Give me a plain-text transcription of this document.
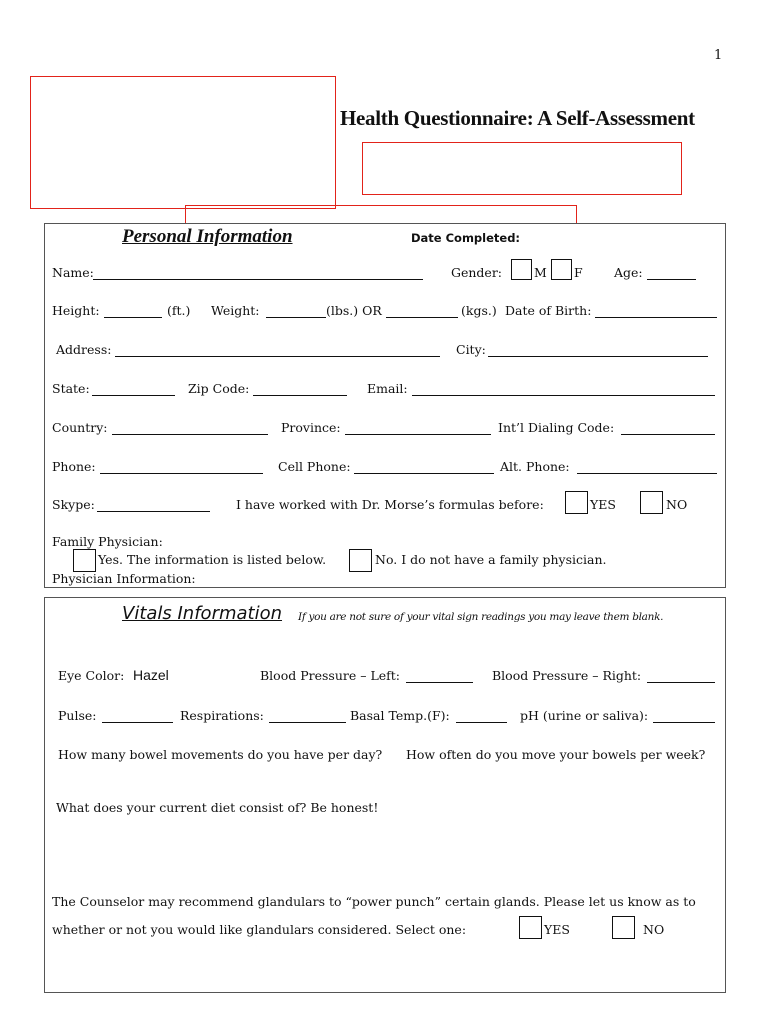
1
Health Questionnaire: A Self-Assessment
Personal Information	Date Completed:
Name:	Gender:	M F	Age:
Height:	(ft.) Weight:	(lbs.) OR	(kgs.) Date of Birth:
Address:	City:
State:	Zip Code:	Email:
Country:	Province:	Int’l Dialing Code:
Phone:	Cell Phone:	Alt. Phone:
Skype:	I have worked with Dr. Morse’s formulas before:	YES	NO
Family Physician:
Yes. The information is listed below.	No. I do not have a family physician.
Physician Information:
Vitals Information If you are not sure of your vital sign readings you may leave them blank.
Eye Color: Hazel	Blood Pressure – Left:	Blood Pressure – Right:
Pulse:	Respirations:	Basal Temp.(F):	pH (urine or saliva):
How many bowel movements do you have per day? How often do you move your bowels per week?
What does your current diet consist of? Be honest!
The Counselor may recommend glandulars to “power punch” certain glands. Please let us know as to
whether or not you would like glandulars considered. Select one:	YES	NO
